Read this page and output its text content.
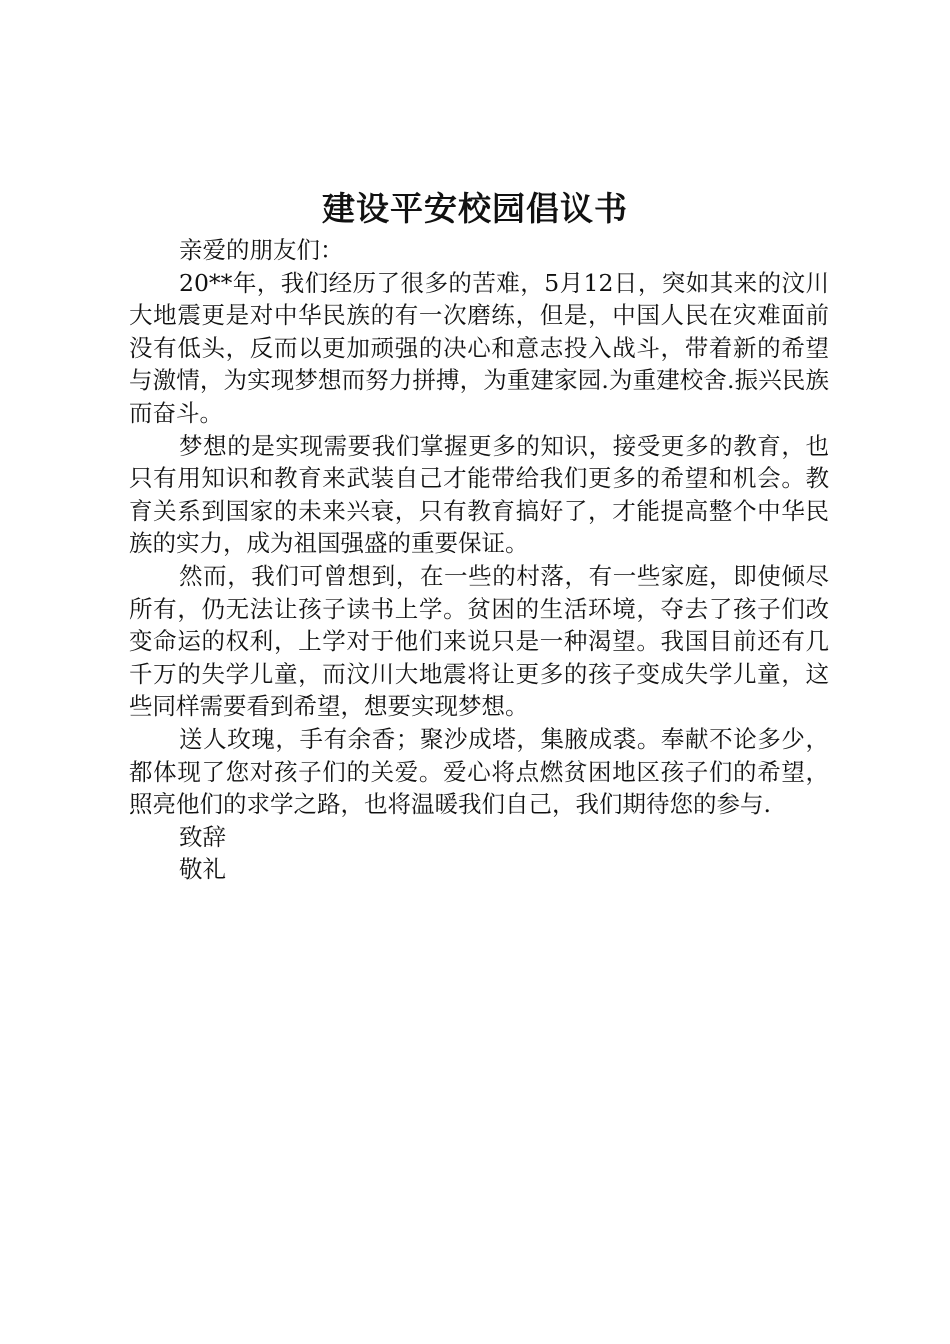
建设平安校园倡议书

亲爱的朋友们：

20**年，我们经历了很多的苦难，5月12日，突如其来的汶川大地震更是对中华民族的有一次磨练，但是，中国人民在灾难面前没有低头，反而以更加顽强的决心和意志投入战斗，带着新的希望与激情，为实现梦想而努力拼搏，为重建家园.为重建校舍.振兴民族而奋斗。

梦想的是实现需要我们掌握更多的知识，接受更多的教育，也只有用知识和教育来武装自己才能带给我们更多的希望和机会。教育关系到国家的未来兴衰，只有教育搞好了，才能提高整个中华民族的实力，成为祖国强盛的重要保证。

然而，我们可曾想到，在一些的村落，有一些家庭，即使倾尽所有，仍无法让孩子读书上学。贫困的生活环境，夺去了孩子们改变命运的权利，上学对于他们来说只是一种渴望。我国目前还有几千万的失学儿童，而汶川大地震将让更多的孩子变成失学儿童，这些同样需要看到希望，想要实现梦想。

送人玫瑰，手有余香；聚沙成塔，集腋成裘。奉献不论多少，都体现了您对孩子们的关爱。爱心将点燃贫困地区孩子们的希望，照亮他们的求学之路，也将温暖我们自己，我们期待您的参与.

致辞

敬礼
